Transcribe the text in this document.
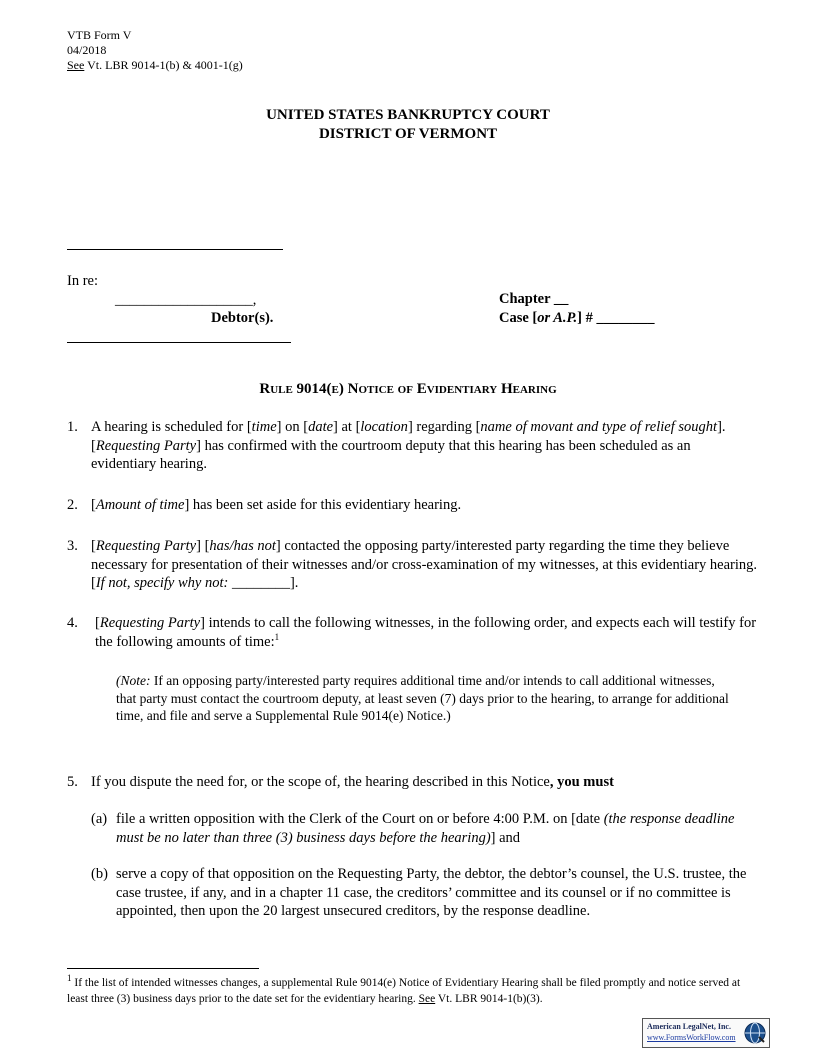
VTB Form V
04/2018
See Vt. LBR 9014-1(b) & 4001-1(g)
UNITED STATES BANKRUPTCY COURT
DISTRICT OF VERMONT
In re:
___________________,
Debtor(s).
Chapter __
Case [or A.P.] # ________
Rule 9014(e) Notice of Evidentiary Hearing
1. A hearing is scheduled for [time] on [date] at [location] regarding [name of movant and type of relief sought]. [Requesting Party] has confirmed with the courtroom deputy that this hearing has been scheduled as an evidentiary hearing.
2. [Amount of time] has been set aside for this evidentiary hearing.
3. [Requesting Party] [has/has not] contacted the opposing party/interested party regarding the time they believe necessary for presentation of their witnesses and/or cross-examination of my witnesses, at this evidentiary hearing. [If not, specify why not: ________].
4.	[Requesting Party] intends to call the following witnesses, in the following order, and expects each will testify for the following amounts of time:$^1$
(Note: If an opposing party/interested party requires additional time and/or intends to call additional witnesses, that party must contact the courtroom deputy, at least seven (7) days prior to the hearing, to arrange for additional time, and file and serve a Supplemental Rule 9014(e) Notice.)
5. If you dispute the need for, or the scope of, the hearing described in this Notice, you must
(a) file a written opposition with the Clerk of the Court on or before 4:00 P.M. on [date (the response deadline must be no later than three (3) business days before the hearing)] and
(b) serve a copy of that opposition on the Requesting Party, the debtor, the debtor’s counsel, the U.S. trustee, the case trustee, if any, and in a chapter 11 case, the creditors’ committee and its counsel or if no committee is appointed, then upon the 20 largest unsecured creditors, by the response deadline.
$^1$ If the list of intended witnesses changes, a supplemental Rule 9014(e) Notice of Evidentiary Hearing shall be filed promptly and notice served at least three (3) business days prior to the date set for the evidentiary hearing. See Vt. LBR 9014-1(b)(3).
American LegalNet, Inc.
www.FormsWorkFlow.com
